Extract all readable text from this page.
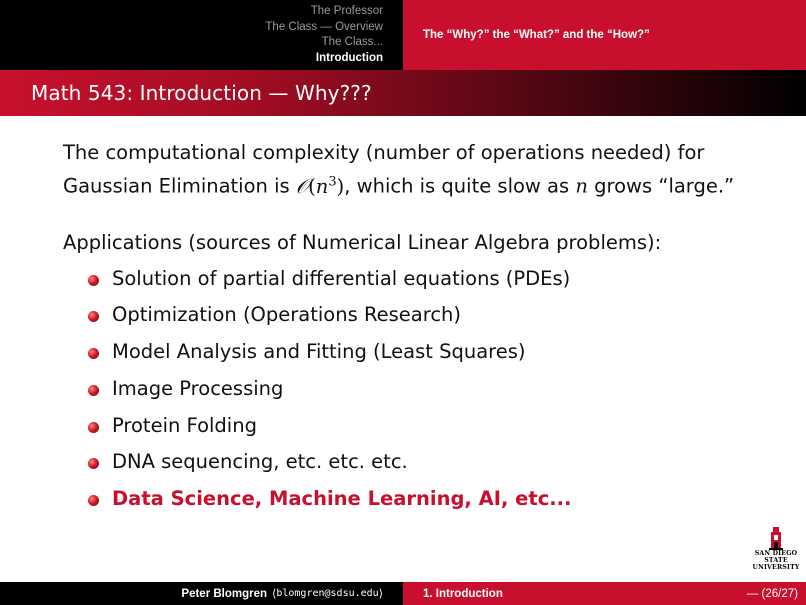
The Professor
The Class — Overview
The Class...
Introduction
The “Why?” the “What?” and the “How?”
Math 543: Introduction — Why???

The computational complexity (number of operations needed) for Gaussian Elimination is $𝒪(n^3)$, which is quite slow as n grows “large.”

Applications (sources of Numerical Linear Algebra problems):

Solution of partial differential equations (PDEs)
Optimization (Operations Research)
Model Analysis and Fitting (Least Squares)
Image Processing
Protein Folding
DNA sequencing, etc. etc. etc.
Data Science, Machine Learning, AI, etc...
SAN DIEGO STATE
UNIVERSITY
Peter Blomgren ⟨ blomgren@sdsu.edu ⟩	1. Introduction	— (26/27)
